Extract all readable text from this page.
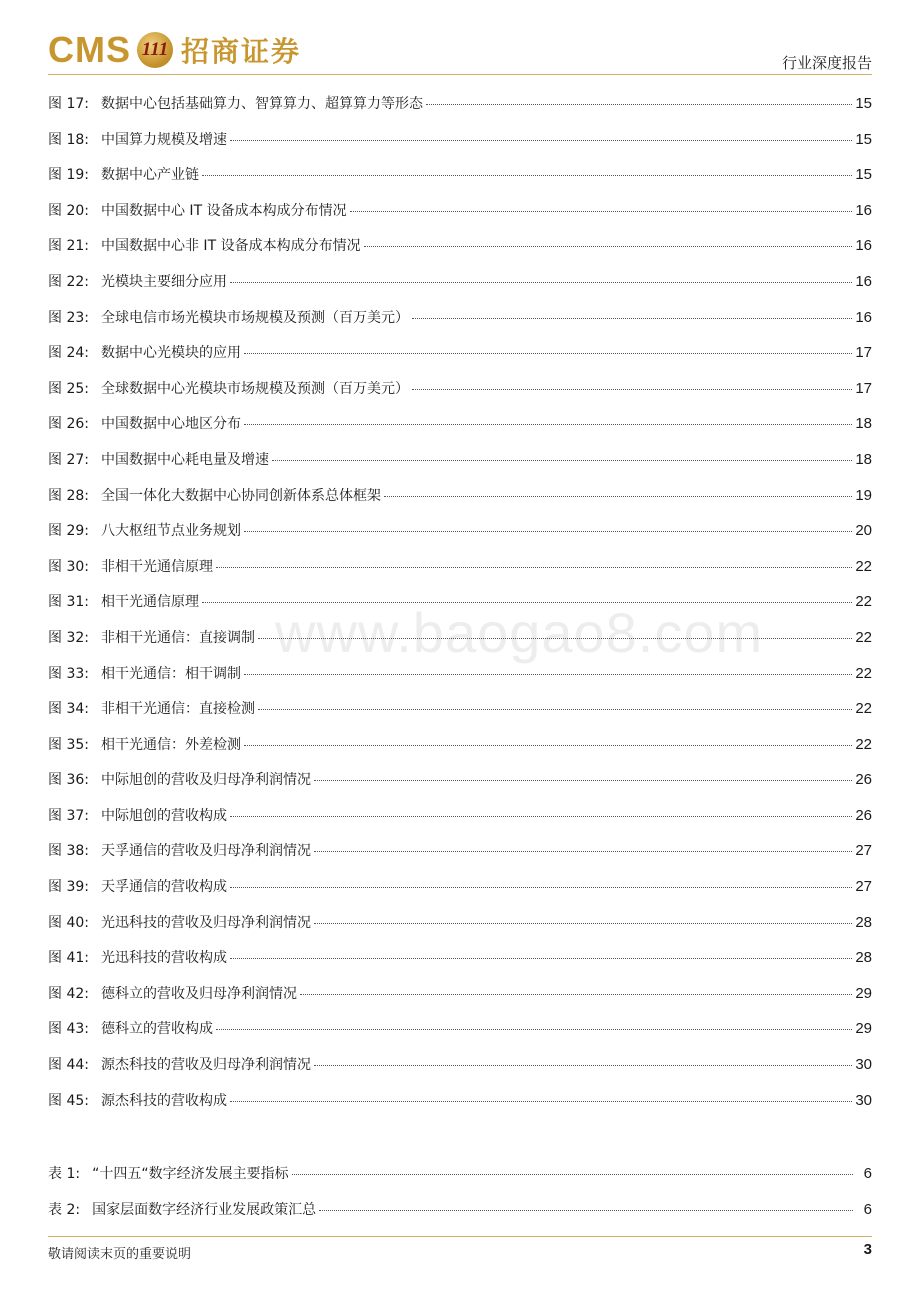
CMS 111 招商证券	行业深度报告
www.baogao8.com
图 17: 数据中心包括基础算力、智算算力、超算算力等形态	15
图 18: 中国算力规模及增速	15
图 19: 数据中心产业链	15
图 20: 中国数据中心 IT 设备成本构成分布情况	16
图 21: 中国数据中心非 IT 设备成本构成分布情况	16
图 22: 光模块主要细分应用	16
图 23: 全球电信市场光模块市场规模及预测（百万美元）	16
图 24: 数据中心光模块的应用	17
图 25: 全球数据中心光模块市场规模及预测（百万美元）	17
图 26: 中国数据中心地区分布	18
图 27: 中国数据中心耗电量及增速	18
图 28: 全国一体化大数据中心协同创新体系总体框架	19
图 29: 八大枢纽节点业务规划	20
图 30: 非相干光通信原理	22
图 31: 相干光通信原理	22
图 32: 非相干光通信：直接调制	22
图 33: 相干光通信：相干调制	22
图 34: 非相干光通信：直接检测	22
图 35: 相干光通信：外差检测	22
图 36: 中际旭创的营收及归母净利润情况	26
图 37: 中际旭创的营收构成	26
图 38: 天孚通信的营收及归母净利润情况	27
图 39: 天孚通信的营收构成	27
图 40: 光迅科技的营收及归母净利润情况	28
图 41: 光迅科技的营收构成	28
图 42: 德科立的营收及归母净利润情况	29
图 43: 德科立的营收构成	29
图 44: 源杰科技的营收及归母净利润情况	30
图 45: 源杰科技的营收构成	30
表 1: “十四五“数字经济发展主要指标	6
表 2: 国家层面数字经济行业发展政策汇总	6
敬请阅读末页的重要说明	3
